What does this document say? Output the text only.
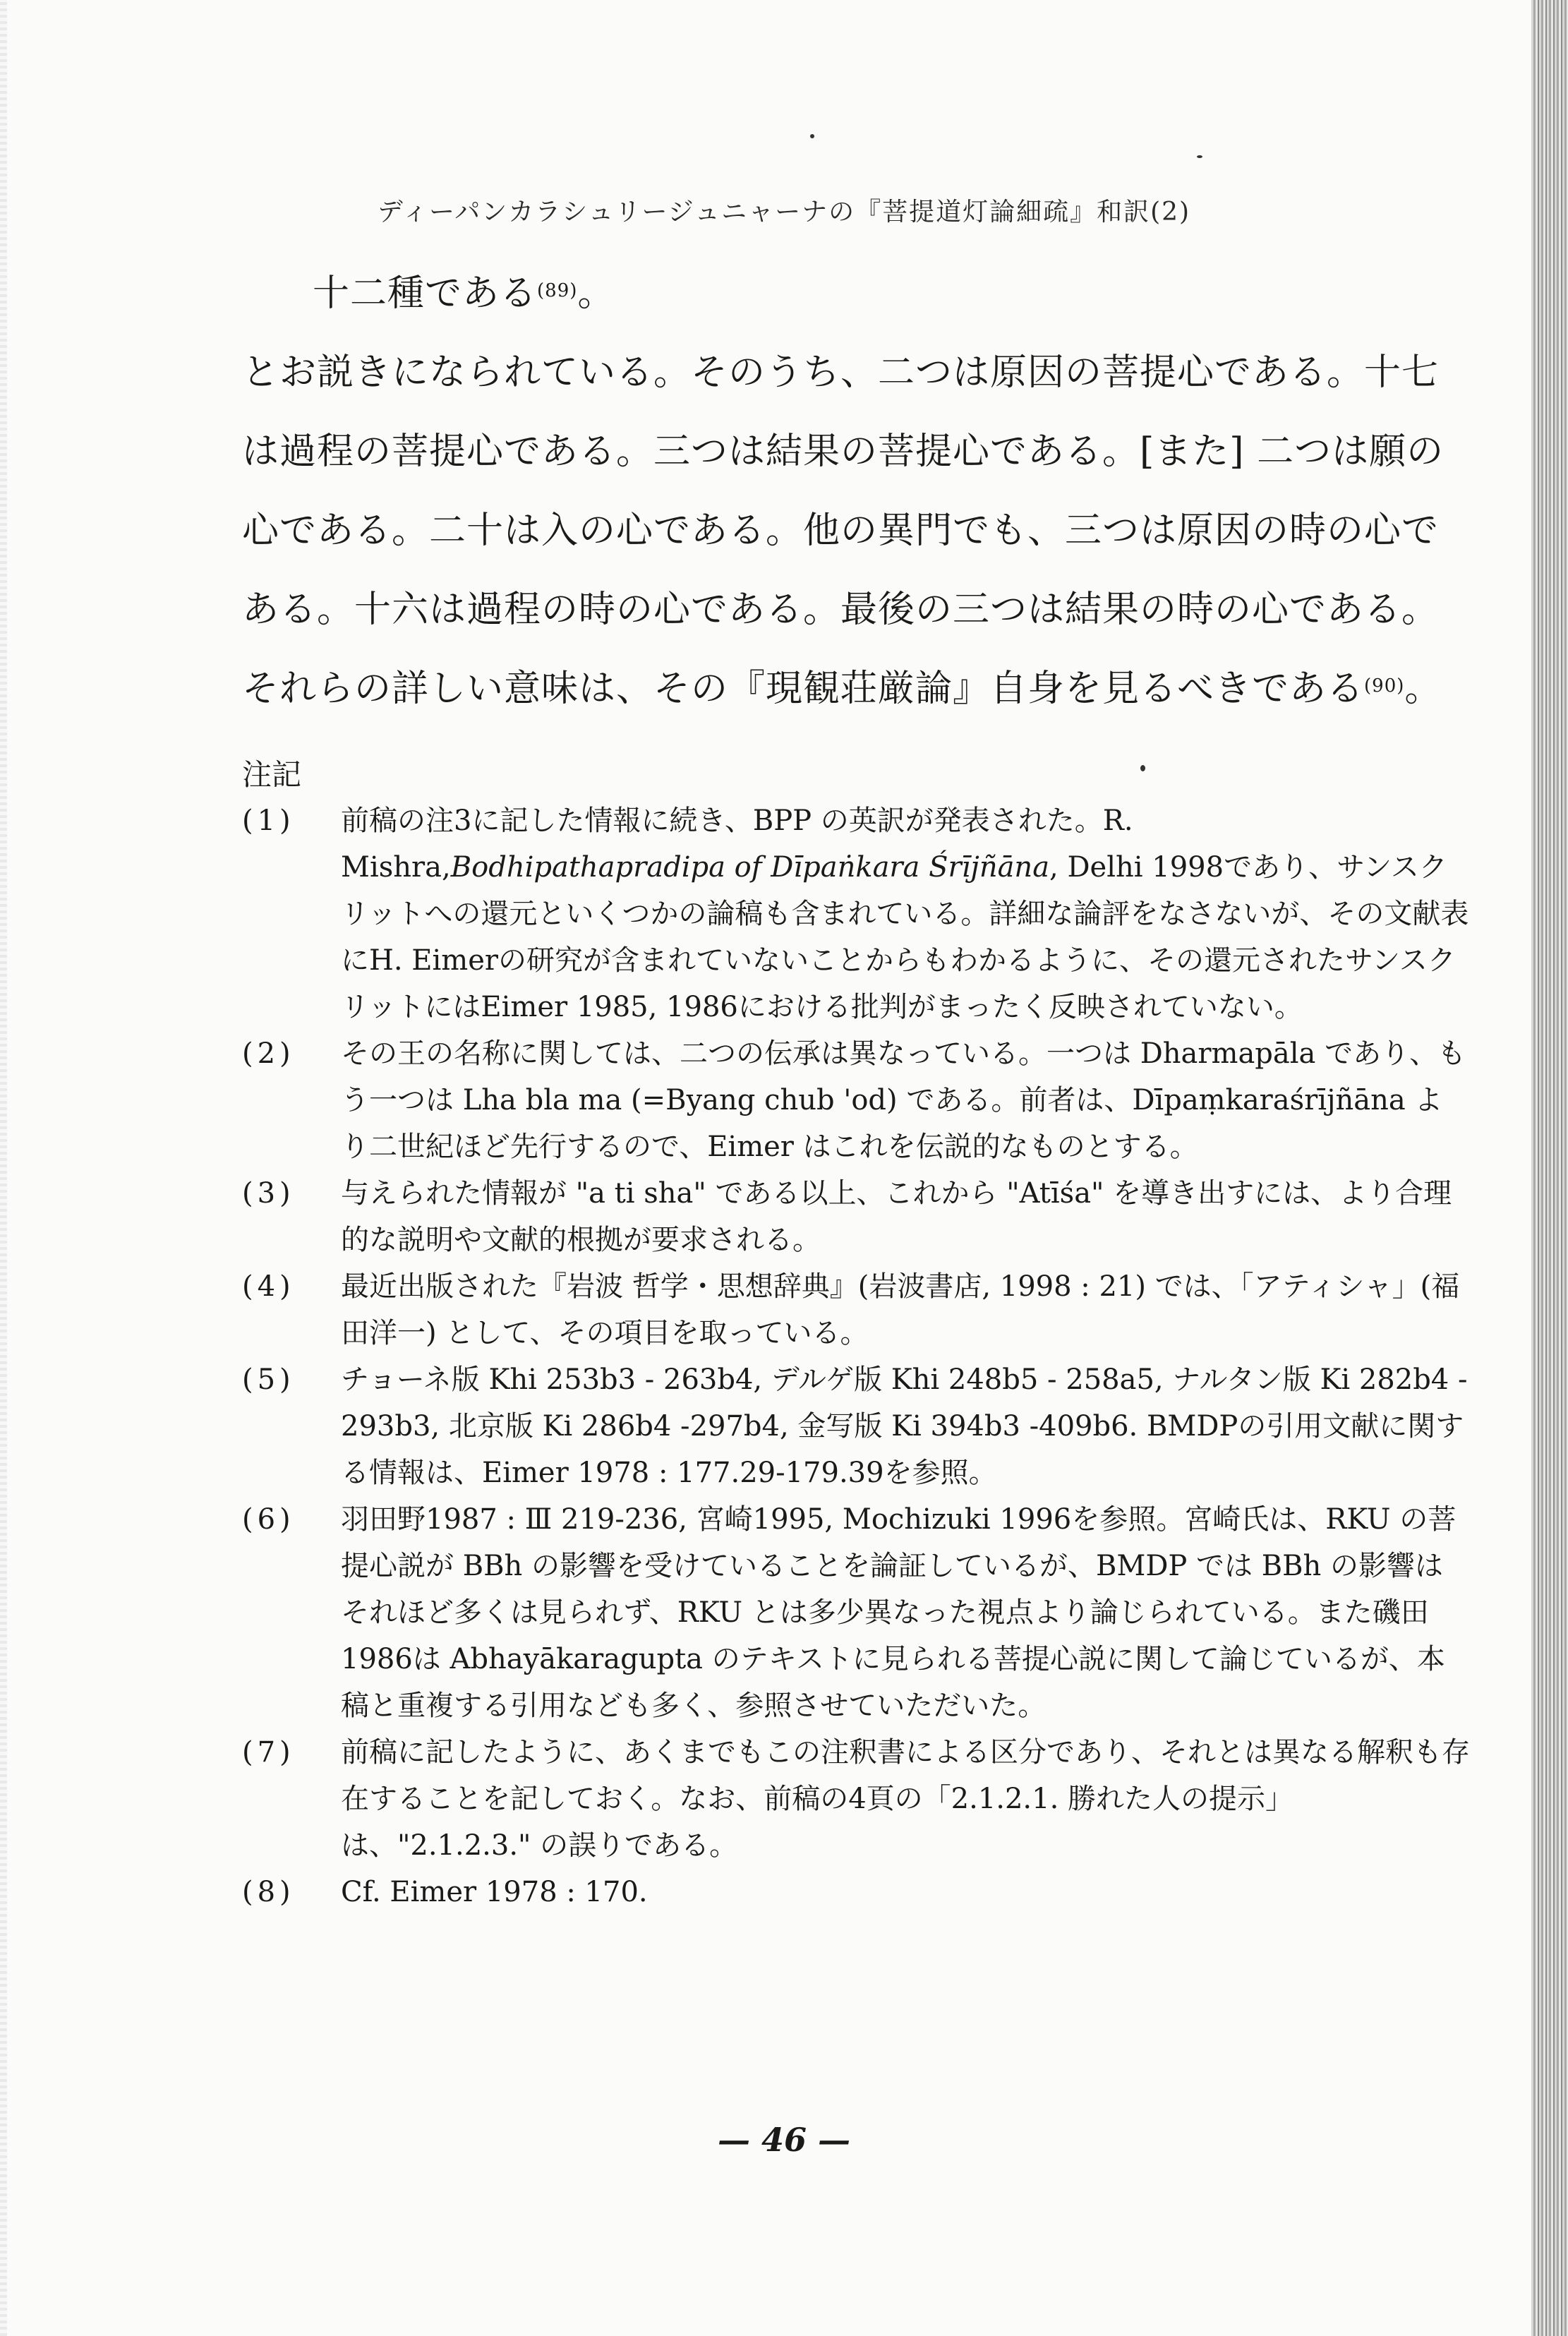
ディーパンカラシュリージュニャーナの『菩提道灯論細疏』和訳(2)

十二種である$^{(89)}$。

とお説きになられている。そのうち、二つは原因の菩提心である。十七は過程の菩提心である。三つは結果の菩提心である。[また] 二つは願の心である。二十は入の心である。他の異門でも、三つは原因の時の心である。十六は過程の時の心である。最後の三つは結果の時の心である。それらの詳しい意味は、その『現観荘厳論』自身を見るべきである$^{(90)}$。

注記
(1)	前稿の注3に記した情報に続き、BPP の英訳が発表された。R. Mishra,Bodhipathapradipa of Dīpaṅkara Śrījñāna, Delhi 1998であり、サンスクリットへの還元といくつかの論稿も含まれている。詳細な論評をなさないが、その文献表にH. Eimerの研究が含まれていないことからもわかるように、その還元されたサンスクリットにはEimer 1985, 1986における批判がまったく反映されていない。
(2)	その王の名称に関しては、二つの伝承は異なっている。一つは Dharmapāla であり、もう一つは Lha bla ma (=Byang chub 'od) である。前者は、Dīpaṃkaraśrījñāna より二世紀ほど先行するので、Eimer はこれを伝説的なものとする。
(3)	与えられた情報が "a ti sha" である以上、これから "Atīśa" を導き出すには、より合理的な説明や文献的根拠が要求される。
(4)	最近出版された『岩波 哲学・思想辞典』(岩波書店, 1998 : 21) では、「アティシャ」(福田洋一) として、その項目を取っている。
(5)	チョーネ版 Khi 253b3 - 263b4, デルゲ版 Khi 248b5 - 258a5, ナルタン版 Ki 282b4 - 293b3, 北京版 Ki 286b4 -297b4, 金写版 Ki 394b3 -409b6. BMDPの引用文献に関する情報は、Eimer 1978 : 177.29-179.39を参照。
(6)	羽田野1987 : Ⅲ 219-236, 宮崎1995, Mochizuki 1996を参照。宮崎氏は、RKU の菩提心説が BBh の影響を受けていることを論証しているが、BMDP では BBh の影響はそれほど多くは見られず、RKU とは多少異なった視点より論じられている。また磯田1986は Abhayākaragupta のテキストに見られる菩提心説に関して論じているが、本稿と重複する引用なども多く、参照させていただいた。
(7)	前稿に記したように、あくまでもこの注釈書による区分であり、それとは異なる解釈も存在することを記しておく。なお、前稿の4頁の「2.1.2.1. 勝れた人の提示」は、"2.1.2.3." の誤りである。
(8)	Cf. Eimer 1978 : 170.
— 46 —
